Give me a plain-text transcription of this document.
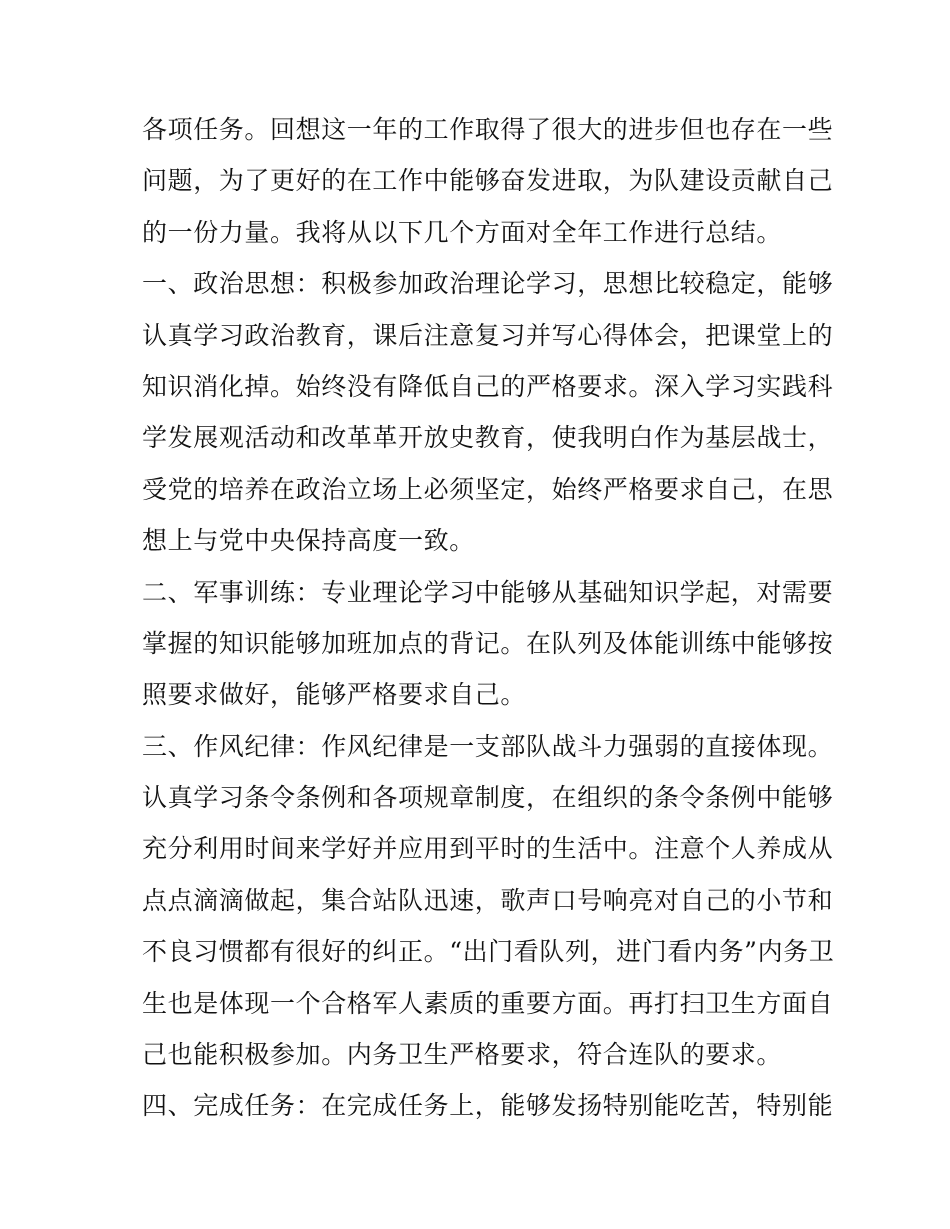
各项任务。回想这一年的工作取得了很大的进步但也存在一些
问题，为了更好的在工作中能够奋发进取，为队建设贡献自己
的一份力量。我将从以下几个方面对全年工作进行总结。
一、政治思想：积极参加政治理论学习，思想比较稳定，能够
认真学习政治教育，课后注意复习并写心得体会，把课堂上的
知识消化掉。始终没有降低自己的严格要求。深入学习实践科
学发展观活动和改革革开放史教育，使我明白作为基层战士，
受党的培养在政治立场上必须坚定，始终严格要求自己，在思
想上与党中央保持高度一致。
二、军事训练：专业理论学习中能够从基础知识学起，对需要
掌握的知识能够加班加点的背记。在队列及体能训练中能够按
照要求做好，能够严格要求自己。
三、作风纪律：作风纪律是一支部队战斗力强弱的直接体现。
认真学习条令条例和各项规章制度，在组织的条令条例中能够
充分利用时间来学好并应用到平时的生活中。注意个人养成从
点点滴滴做起，集合站队迅速，歌声口号响亮对自己的小节和
不良习惯都有很好的纠正。“出门看队列，进门看内务”内务卫
生也是体现一个合格军人素质的重要方面。再打扫卫生方面自
己也能积极参加。内务卫生严格要求，符合连队的要求。
四、完成任务：在完成任务上，能够发扬特别能吃苦，特别能
